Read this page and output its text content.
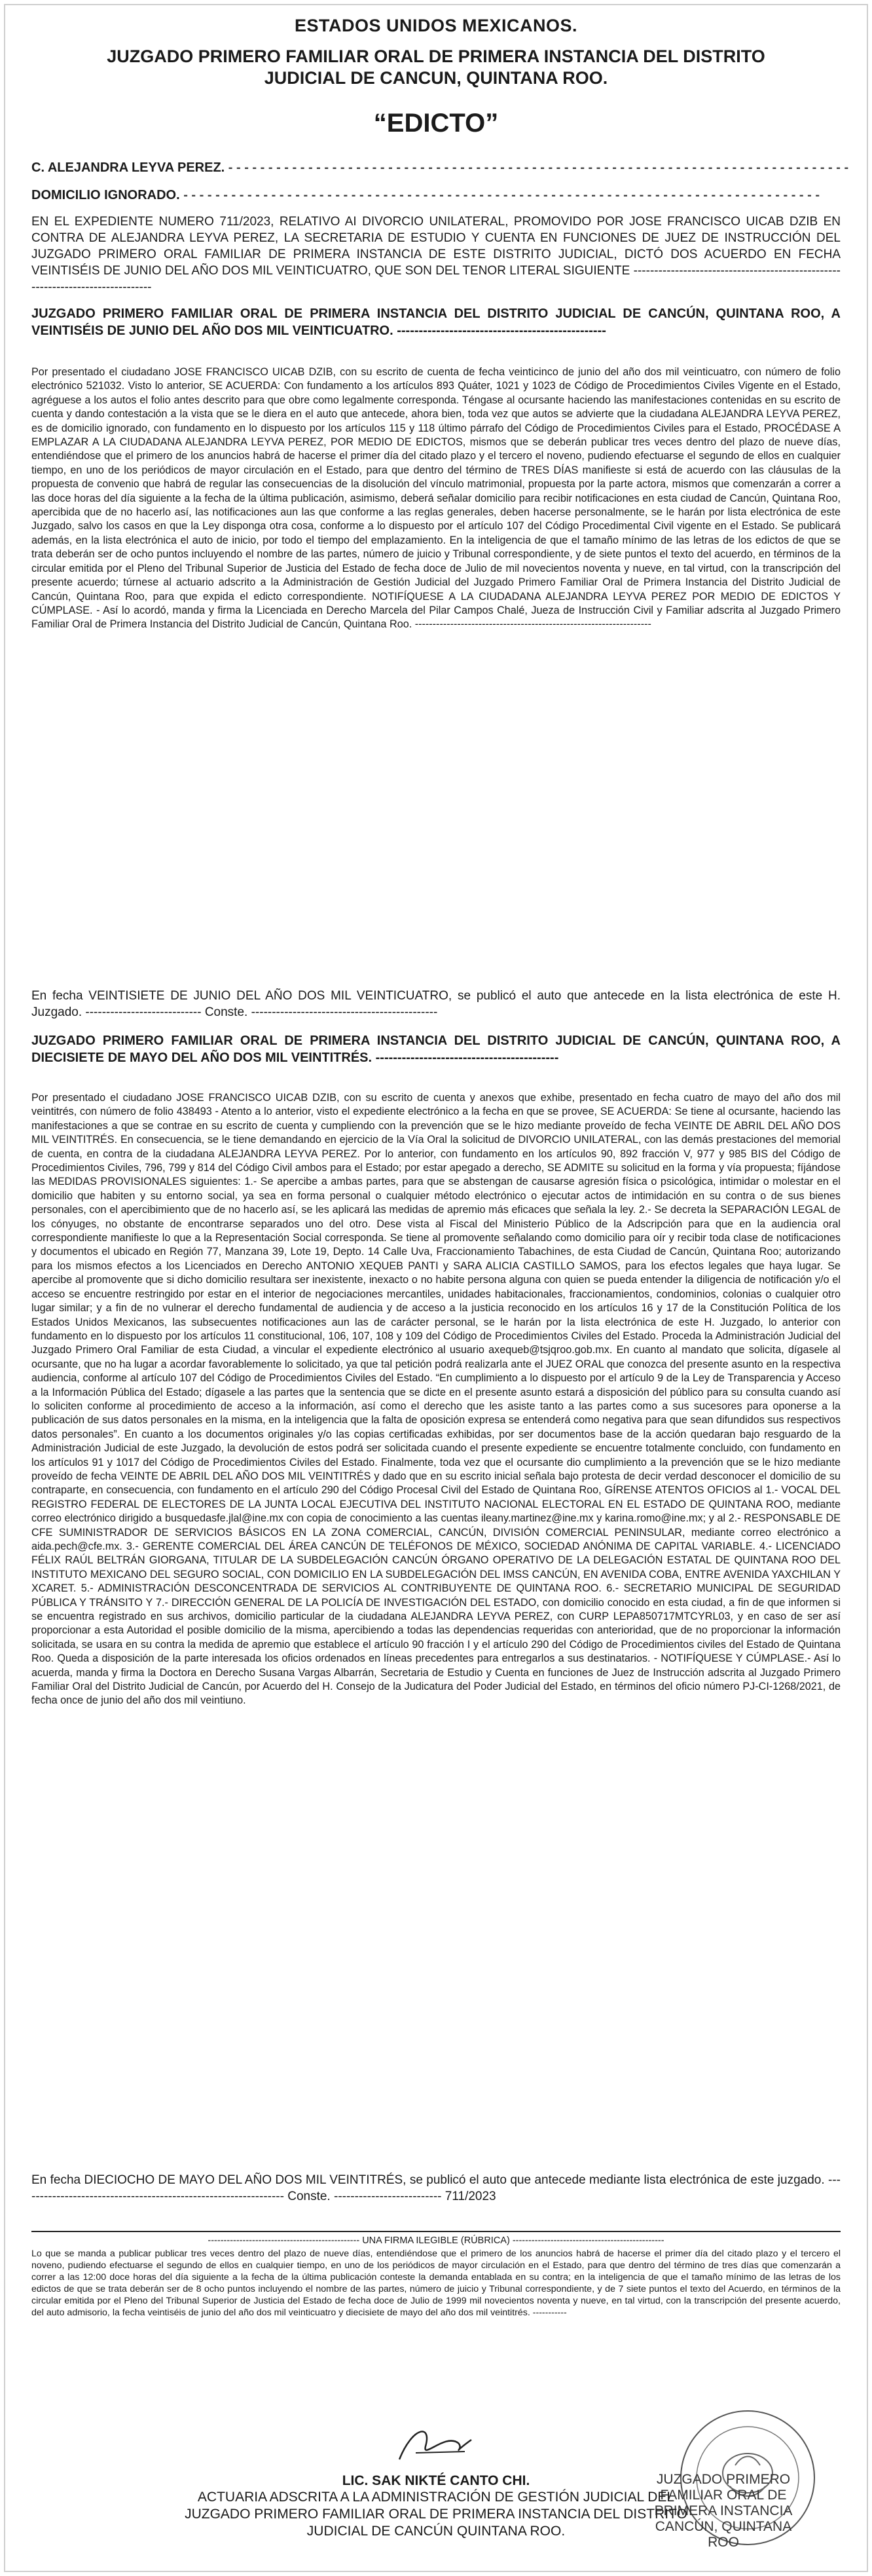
ESTADOS UNIDOS MEXICANOS.
JUZGADO PRIMERO FAMILIAR ORAL DE PRIMERA INSTANCIA DEL DISTRITO JUDICIAL DE CANCUN, QUINTANA ROO.
“EDICTO”
C. ALEJANDRA LEYVA PEREZ. - - - - - - - - - - - - - - - - - - - - - - - - - - - - - - - - - - - - - - - - - - - - - - - - - - - - - - - - - - - - - - - - - - - - - - - - - - - - - -
DOMICILIO IGNORADO. - - - - - - - - - - - - - - - - - - - - - - - - - - - - - - - - - - - - - - - - - - - - - - - - - - - - - - - - - - - - - - - - - - - - - - - - - - - - - - - -
EN EL EXPEDIENTE NUMERO 711/2023, RELATIVO AI DIVORCIO UNILATERAL, PROMOVIDO POR JOSE FRANCISCO UICAB DZIB EN CONTRA DE ALEJANDRA LEYVA PEREZ, LA SECRETARIA DE ESTUDIO Y CUENTA EN FUNCIONES DE JUEZ DE INSTRUCCIÓN DEL JUZGADO PRIMERO ORAL FAMILIAR DE PRIMERA INSTANCIA DE ESTE DISTRITO JUDICIAL, DICTÓ DOS ACUERDO EN FECHA VEINTISÉIS DE JUNIO DEL AÑO DOS MIL VEINTICUATRO, QUE SON DEL TENOR LITERAL SIGUIENTE -------------------------------------------------------------------------------
JUZGADO PRIMERO FAMILIAR ORAL DE PRIMERA INSTANCIA DEL DISTRITO JUDICIAL DE CANCÚN, QUINTANA ROO, A VEINTISÉIS DE JUNIO DEL AÑO DOS MIL VEINTICUATRO. ------------------------------------------------
Por presentado el ciudadano JOSE FRANCISCO UICAB DZIB, con su escrito de cuenta de fecha veinticinco de junio del año dos mil veinticuatro, con número de folio electrónico 521032. Visto lo anterior, SE ACUERDA: Con fundamento a los artículos 893 Quáter, 1021 y 1023 de Código de Procedimientos Civiles Vigente en el Estado, agréguese a los autos el folio antes descrito para que obre como legalmente corresponda. Téngase al ocursante haciendo las manifestaciones contenidas en su escrito de cuenta y dando contestación a la vista que se le diera en el auto que antecede, ahora bien, toda vez que autos se advierte que la ciudadana ALEJANDRA LEYVA PEREZ, es de domicilio ignorado, con fundamento en lo dispuesto por los artículos 115 y 118 último párrafo del Código de Procedimientos Civiles para el Estado, PROCÉDASE A EMPLAZAR A LA CIUDADANA ALEJANDRA LEYVA PEREZ, POR MEDIO DE EDICTOS, mismos que se deberán publicar tres veces dentro del plazo de nueve días, entendiéndose que el primero de los anuncios habrá de hacerse el primer día del citado plazo y el tercero el noveno, pudiendo efectuarse el segundo de ellos en cualquier tiempo, en uno de los periódicos de mayor circulación en el Estado, para que dentro del término de TRES DÍAS manifieste si está de acuerdo con las cláusulas de la propuesta de convenio que habrá de regular las consecuencias de la disolución del vínculo matrimonial, propuesta por la parte actora, mismos que comenzarán a correr a las doce horas del día siguiente a la fecha de la última publicación, asimismo, deberá señalar domicilio para recibir notificaciones en esta ciudad de Cancún, Quintana Roo, apercibida que de no hacerlo así, las notificaciones aun las que conforme a las reglas generales, deben hacerse personalmente, se le harán por lista electrónica de este Juzgado, salvo los casos en que la Ley disponga otra cosa, conforme a lo dispuesto por el artículo 107 del Código Procedimental Civil vigente en el Estado. Se publicará además, en la lista electrónica el auto de inicio, por todo el tiempo del emplazamiento. En la inteligencia de que el tamaño mínimo de las letras de los edictos de que se trata deberán ser de ocho puntos incluyendo el nombre de las partes, número de juicio y Tribunal correspondiente, y de siete puntos el texto del acuerdo, en términos de la circular emitida por el Pleno del Tribunal Superior de Justicia del Estado de fecha doce de Julio de mil novecientos noventa y nueve, en tal virtud, con la transcripción del presente acuerdo; túrnese al actuario adscrito a la Administración de Gestión Judicial del Juzgado Primero Familiar Oral de Primera Instancia del Distrito Judicial de Cancún, Quintana Roo, para que expida el edicto correspondiente. NOTIFÍQUESE A LA CIUDADANA ALEJANDRA LEYVA PEREZ POR MEDIO DE EDICTOS Y CÚMPLASE. - Así lo acordó, manda y firma la Licenciada en Derecho Marcela del Pilar Campos Chalé, Jueza de Instrucción Civil y Familiar adscrita al Juzgado Primero Familiar Oral de Primera Instancia del Distrito Judicial de Cancún, Quintana Roo. -------------------------------------------------------------------
En fecha VEINTISIETE DE JUNIO DEL AÑO DOS MIL VEINTICUATRO, se publicó el auto que antecede en la lista electrónica de este H. Juzgado. ---------------------------- Conste. ---------------------------------------------
JUZGADO PRIMERO FAMILIAR ORAL DE PRIMERA INSTANCIA DEL DISTRITO JUDICIAL DE CANCÚN, QUINTANA ROO, A DIECISIETE DE MAYO DEL AÑO DOS MIL VEINTITRÉS. ------------------------------------------
Por presentado el ciudadano JOSE FRANCISCO UICAB DZIB, con su escrito de cuenta y anexos que exhibe, presentado en fecha cuatro de mayo del año dos mil veintitrés, con número de folio 438493 - Atento a lo anterior, visto el expediente electrónico a la fecha en que se provee, SE ACUERDA: Se tiene al ocursante, haciendo las manifestaciones a que se contrae en su escrito de cuenta y cumpliendo con la prevención que se le hizo mediante proveído de fecha VEINTE DE ABRIL DEL AÑO DOS MIL VEINTITRÉS. En consecuencia, se le tiene demandando en ejercicio de la Vía Oral la solicitud de DIVORCIO UNILATERAL, con las demás prestaciones del memorial de cuenta, en contra de la ciudadana ALEJANDRA LEYVA PEREZ. Por lo anterior, con fundamento en los artículos 90, 892 fracción V, 977 y 985 BIS del Código de Procedimientos Civiles, 796, 799 y 814 del Código Civil ambos para el Estado; por estar apegado a derecho, SE ADMITE su solicitud en la forma y vía propuesta; fíjándose las MEDIDAS PROVISIONALES siguientes: 1.- Se apercibe a ambas partes, para que se abstengan de causarse agresión física o psicológica, intimidar o molestar en el domicilio que habiten y su entorno social, ya sea en forma personal o cualquier método electrónico o ejecutar actos de intimidación en su contra o de sus bienes personales, con el apercibimiento que de no hacerlo así, se les aplicará las medidas de apremio más eficaces que señala la ley. 2.- Se decreta la SEPARACIÓN LEGAL de los cónyuges, no obstante de encontrarse separados uno del otro. Dese vista al Fiscal del Ministerio Público de la Adscripción para que en la audiencia oral correspondiente manifieste lo que a la Representación Social corresponda. Se tiene al promovente señalando como domicilio para oír y recibir toda clase de notificaciones y documentos el ubicado en Región 77, Manzana 39, Lote 19, Depto. 14 Calle Uva, Fraccionamiento Tabachines, de esta Ciudad de Cancún, Quintana Roo; autorizando para los mismos efectos a los Licenciados en Derecho ANTONIO XEQUEB PANTI y SARA ALICIA CASTILLO SAMOS, para los efectos legales que haya lugar. Se apercibe al promovente que si dicho domicilio resultara ser inexistente, inexacto o no habite persona alguna con quien se pueda entender la diligencia de notificación y/o el acceso se encuentre restringido por estar en el interior de negociaciones mercantiles, unidades habitacionales, fraccionamientos, condominios, colonias o cualquier otro lugar similar; y a fin de no vulnerar el derecho fundamental de audiencia y de acceso a la justicia reconocido en los artículos 16 y 17 de la Constitución Política de los Estados Unidos Mexicanos, las subsecuentes notificaciones aun las de carácter personal, se le harán por la lista electrónica de este H. Juzgado, lo anterior con fundamento en lo dispuesto por los artículos 11 constitucional, 106, 107, 108 y 109 del Código de Procedimientos Civiles del Estado. Proceda la Administración Judicial del Juzgado Primero Oral Familiar de esta Ciudad, a vincular el expediente electrónico al usuario axequeb@tsjqroo.gob.mx. En cuanto al mandato que solicita, dígasele al ocursante, que no ha lugar a acordar favorablemente lo solicitado, ya que tal petición podrá realizarla ante el JUEZ ORAL que conozca del presente asunto en la respectiva audiencia, conforme al artículo 107 del Código de Procedimientos Civiles del Estado. “En cumplimiento a lo dispuesto por el artículo 9 de la Ley de Transparencia y Acceso a la Información Pública del Estado; dígasele a las partes que la sentencia que se dicte en el presente asunto estará a disposición del público para su consulta cuando así lo soliciten conforme al procedimiento de acceso a la información, así como el derecho que les asiste tanto a las partes como a sus sucesores para oponerse a la publicación de sus datos personales en la misma, en la inteligencia que la falta de oposición expresa se entenderá como negativa para que sean difundidos sus respectivos datos personales”. En cuanto a los documentos originales y/o las copias certificadas exhibidas, por ser documentos base de la acción quedaran bajo resguardo de la Administración Judicial de este Juzgado, la devolución de estos podrá ser solicitada cuando el presente expediente se encuentre totalmente concluido, con fundamento en los artículos 91 y 1017 del Código de Procedimientos Civiles del Estado. Finalmente, toda vez que el ocursante dio cumplimiento a la prevención que se le hizo mediante proveído de fecha VEINTE DE ABRIL DEL AÑO DOS MIL VEINTITRÉS y dado que en su escrito inicial señala bajo protesta de decir verdad desconocer el domicilio de su contraparte, en consecuencia, con fundamento en el artículo 290 del Código Procesal Civil del Estado de Quintana Roo, GÍRENSE ATENTOS OFICIOS al 1.- VOCAL DEL REGISTRO FEDERAL DE ELECTORES DE LA JUNTA LOCAL EJECUTIVA DEL INSTITUTO NACIONAL ELECTORAL EN EL ESTADO DE QUINTANA ROO, mediante correo electrónico dirigido a busquedasfe.jlal@ine.mx con copia de conocimiento a las cuentas ileany.martinez@ine.mx y karina.romo@ine.mx; y al 2.- RESPONSABLE DE CFE SUMINISTRADOR DE SERVICIOS BÁSICOS EN LA ZONA COMERCIAL, CANCÚN, DIVISIÓN COMERCIAL PENINSULAR, mediante correo electrónico a aida.pech@cfe.mx. 3.- GERENTE COMERCIAL DEL ÁREA CANCÚN DE TELÉFONOS DE MÉXICO, SOCIEDAD ANÓNIMA DE CAPITAL VARIABLE. 4.- LICENCIADO FÉLIX RAÚL BELTRÁN GIORGANA, TITULAR DE LA SUBDELEGACIÓN CANCÚN ÓRGANO OPERATIVO DE LA DELEGACIÓN ESTATAL DE QUINTANA ROO DEL INSTITUTO MEXICANO DEL SEGURO SOCIAL, CON DOMICILIO EN LA SUBDELEGACIÓN DEL IMSS CANCÚN, EN AVENIDA COBA, ENTRE AVENIDA YAXCHILAN Y XCARET. 5.- ADMINISTRACIÓN DESCONCENTRADA DE SERVICIOS AL CONTRIBUYENTE DE QUINTANA ROO. 6.- SECRETARIO MUNICIPAL DE SEGURIDAD PÚBLICA Y TRÁNSITO Y 7.- DIRECCIÓN GENERAL DE LA POLICÍA DE INVESTIGACIÓN DEL ESTADO, con domicilio conocido en esta ciudad, a fin de que informen si se encuentra registrado en sus archivos, domicilio particular de la ciudadana ALEJANDRA LEYVA PEREZ, con CURP LEPA850717MTCYRL03, y en caso de ser así proporcionar a esta Autoridad el posible domicilio de la misma, apercibiendo a todas las dependencias requeridas con anterioridad, que de no proporcionar la información solicitada, se usara en su contra la medida de apremio que establece el artículo 90 fracción I y el artículo 290 del Código de Procedimientos civiles del Estado de Quintana Roo. Queda a disposición de la parte interesada los oficios ordenados en líneas precedentes para entregarlos a sus destinatarios. - NOTIFÍQUESE Y CÚMPLASE.- Así lo acuerda, manda y firma la Doctora en Derecho Susana Vargas Albarrán, Secretaria de Estudio y Cuenta en funciones de Juez de Instrucción adscrita al Juzgado Primero Familiar Oral del Distrito Judicial de Cancún, por Acuerdo del H. Consejo de la Judicatura del Poder Judicial del Estado, en términos del oficio número PJ-CI-1268/2021, de fecha once de junio del año dos mil veintiuno.
En fecha DIECIOCHO DE MAYO DEL AÑO DOS MIL VEINTITRÉS, se publicó el auto que antecede mediante lista electrónica de este juzgado. ---------------------------------------------------------------- Conste. -------------------------- 711/2023
------------------------------------------------ UNA FIRMA ILEGIBLE (RÚBRICA) ------------------------------------------------
Lo que se manda a publicar publicar tres veces dentro del plazo de nueve días, entendiéndose que el primero de los anuncios habrá de hacerse el primer día del citado plazo y el tercero el noveno, pudiendo efectuarse el segundo de ellos en cualquier tiempo, en uno de los periódicos de mayor circulación en el Estado, para que dentro del término de tres días que comenzarán a correr a las 12:00 doce horas del día siguiente a la fecha de la última publicación conteste la demanda entablada en su contra; en la inteligencia de que el tamaño mínimo de las letras de los edictos de que se trata deberán ser de 8 ocho puntos incluyendo el nombre de las partes, número de juicio y Tribunal correspondiente, y de 7 siete puntos el texto del Acuerdo, en términos de la circular emitida por el Pleno del Tribunal Superior de Justicia del Estado de fecha doce de Julio de 1999 mil novecientos noventa y nueve, en tal virtud, con la transcripción del presente acuerdo, del auto admisorio, la fecha veintiséis de junio del año dos mil veinticuatro y diecisiete de mayo del año dos mil veintitrés. -----------
JUZGADO PRIMERO FAMILIAR ORAL DE PRIMERA INSTANCIA CANCÚN, QUINTANA ROO
LIC. SAK NIKTÉ CANTO CHI.
ACTUARIA ADSCRITA A LA ADMINISTRACIÓN DE GESTIÓN JUDICIAL DEL JUZGADO PRIMERO FAMILIAR ORAL DE PRIMERA INSTANCIA DEL DISTRITO JUDICIAL DE CANCÚN QUINTANA ROO.
